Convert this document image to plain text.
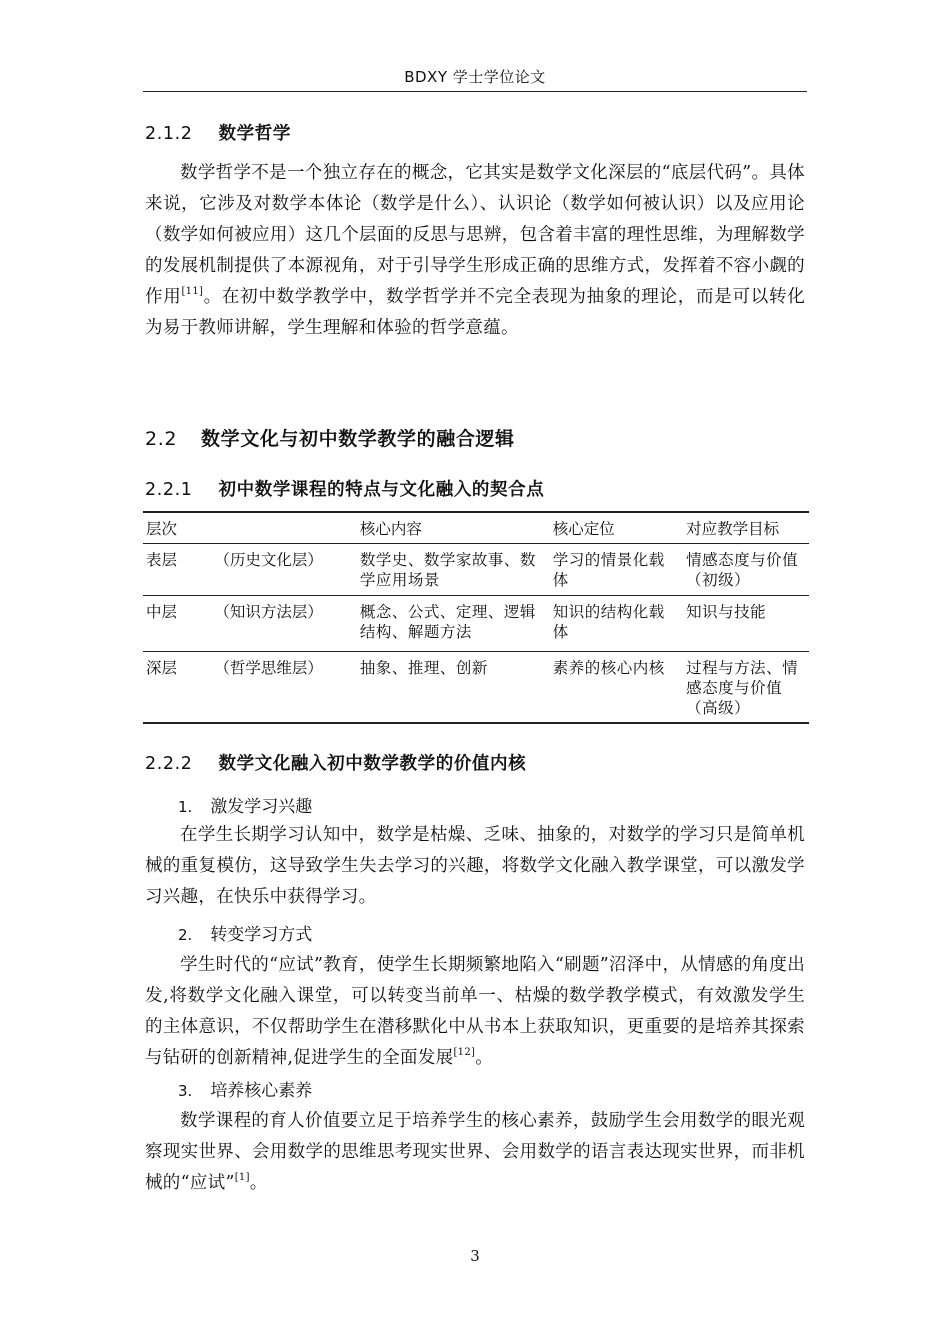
BDXY 学士学位论文
2.1.2 数学哲学
数学哲学不是一个独立存在的概念，它其实是数学文化深层的“底层代码”。具体来说，它涉及对数学本体论（数学是什么）、认识论（数学如何被认识）以及应用论（数学如何被应用）这几个层面的反思与思辨，包含着丰富的理性思维，为理解数学的发展机制提供了本源视角，对于引导学生形成正确的思维方式，发挥着不容小觑的作用[11]。在初中数学教学中，数学哲学并不完全表现为抽象的理论，而是可以转化为易于教师讲解，学生理解和体验的哲学意蕴。
2.2 数学文化与初中数学教学的融合逻辑
2.2.1 初中数学课程的特点与文化融入的契合点
层次		核心内容	核心定位	对应教学目标
表层	（历史文化层）	数学史、数学家故事、数学应用场景	学习的情景化载体	情感态度与价值（初级）
中层	（知识方法层）	概念、公式、定理、逻辑结构、解题方法	知识的结构化载体	知识与技能
深层	（哲学思维层）	抽象、推理、创新	素养的核心内核	过程与方法、情感态度与价值（高级）
2.2.2 数学文化融入初中数学教学的价值内核
1. 激发学习兴趣
在学生长期学习认知中，数学是枯燥、乏味、抽象的，对数学的学习只是简单机械的重复模仿，这导致学生失去学习的兴趣，将数学文化融入教学课堂，可以激发学习兴趣，在快乐中获得学习。
2. 转变学习方式
学生时代的“应试”教育，使学生长期频繁地陷入“刷题”沼泽中，从情感的角度出发,将数学文化融入课堂，可以转变当前单一、枯燥的数学教学模式，有效激发学生的主体意识，不仅帮助学生在潜移默化中从书本上获取知识，更重要的是培养其探索与钻研的创新精神,促进学生的全面发展[12]。
3. 培养核心素养
数学课程的育人价值要立足于培养学生的核心素养，鼓励学生会用数学的眼光观察现实世界、会用数学的思维思考现实世界、会用数学的语言表达现实世界，而非机械的“应试”[1]。
3
